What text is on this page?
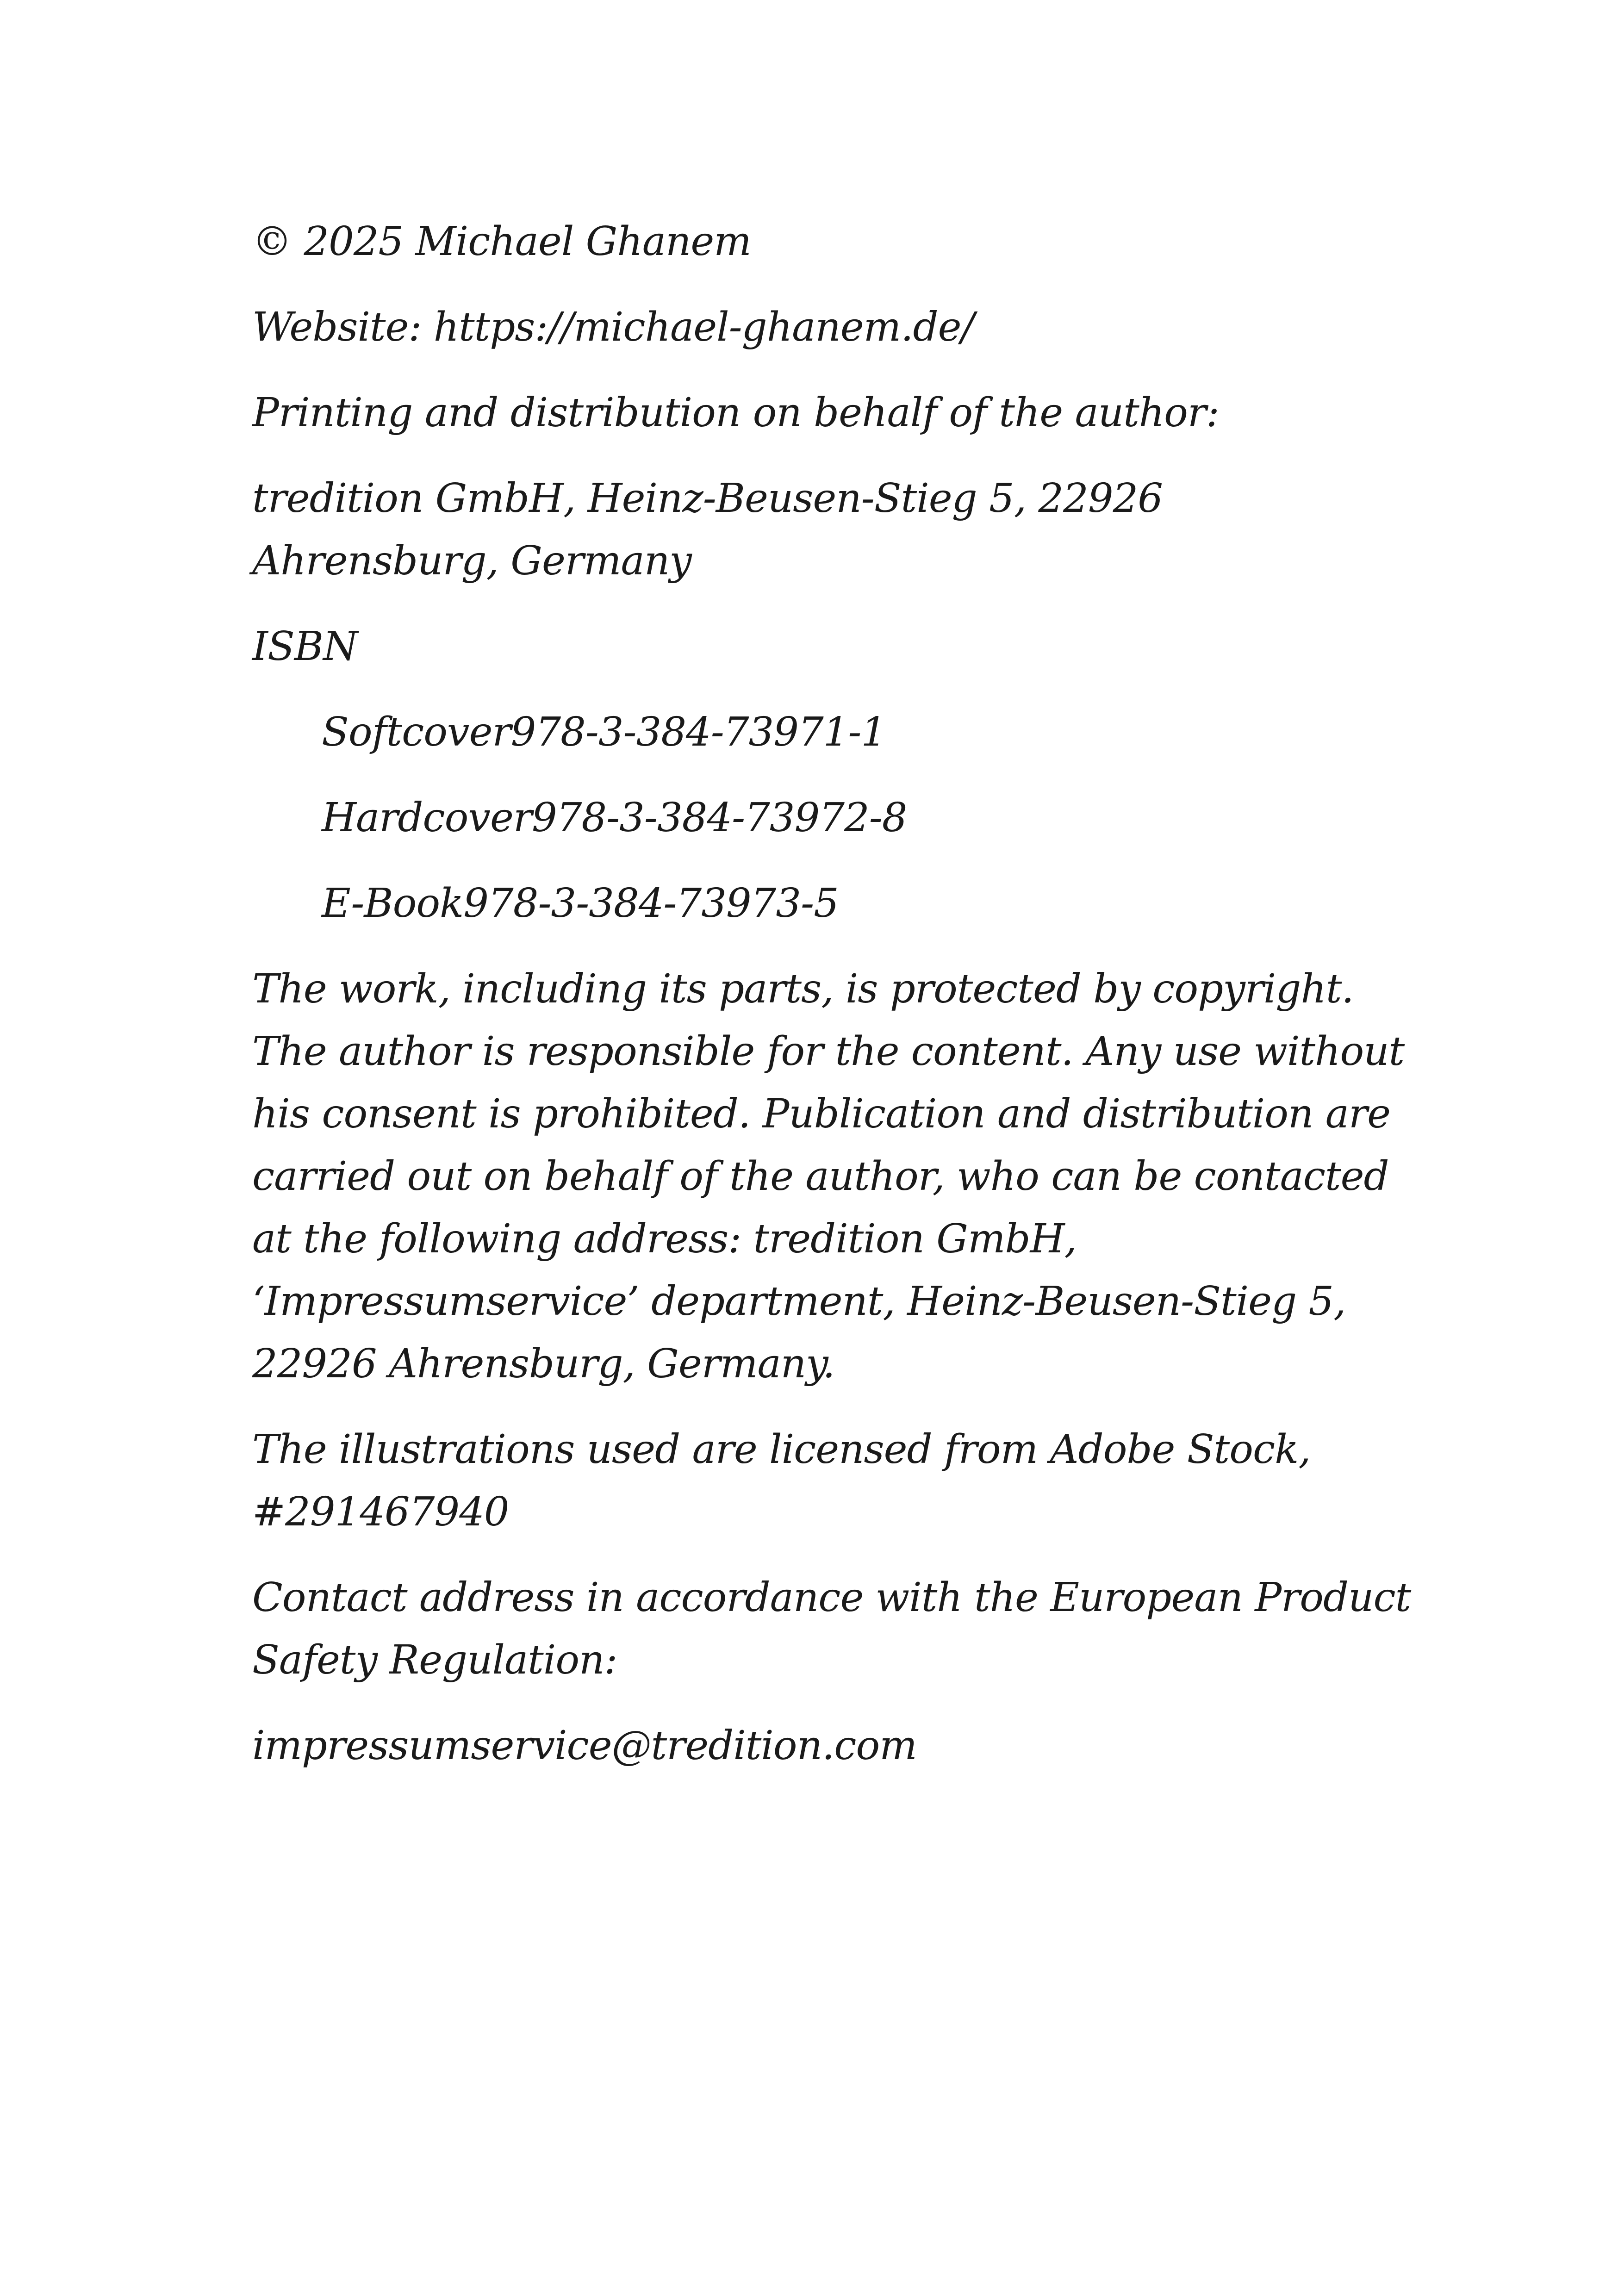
© 2025 Michael Ghanem

Website: https://michael-ghanem.de/

Printing and distribution on behalf of the author:

tredition GmbH, Heinz-Beusen-Stieg 5, 22926 Ahrensburg, Germany

ISBN

Softcover978-3-384-73971-1
Hardcover978-3-384-73972-8
E-Book978-3-384-73973-5

The work, including its parts, is protected by copyright. The author is responsible for the content. Any use without his consent is prohibited. Publication and distribution are carried out on behalf of the author, who can be contacted at the following address: tredition GmbH, ‘Impressumservice’ department, Heinz-Beusen-Stieg 5, 22926 Ahrensburg, Germany.

The illustrations used are licensed from Adobe Stock, #291467940

Contact address in accordance with the European Product Safety Regulation:

impressumservice@tredition.com
